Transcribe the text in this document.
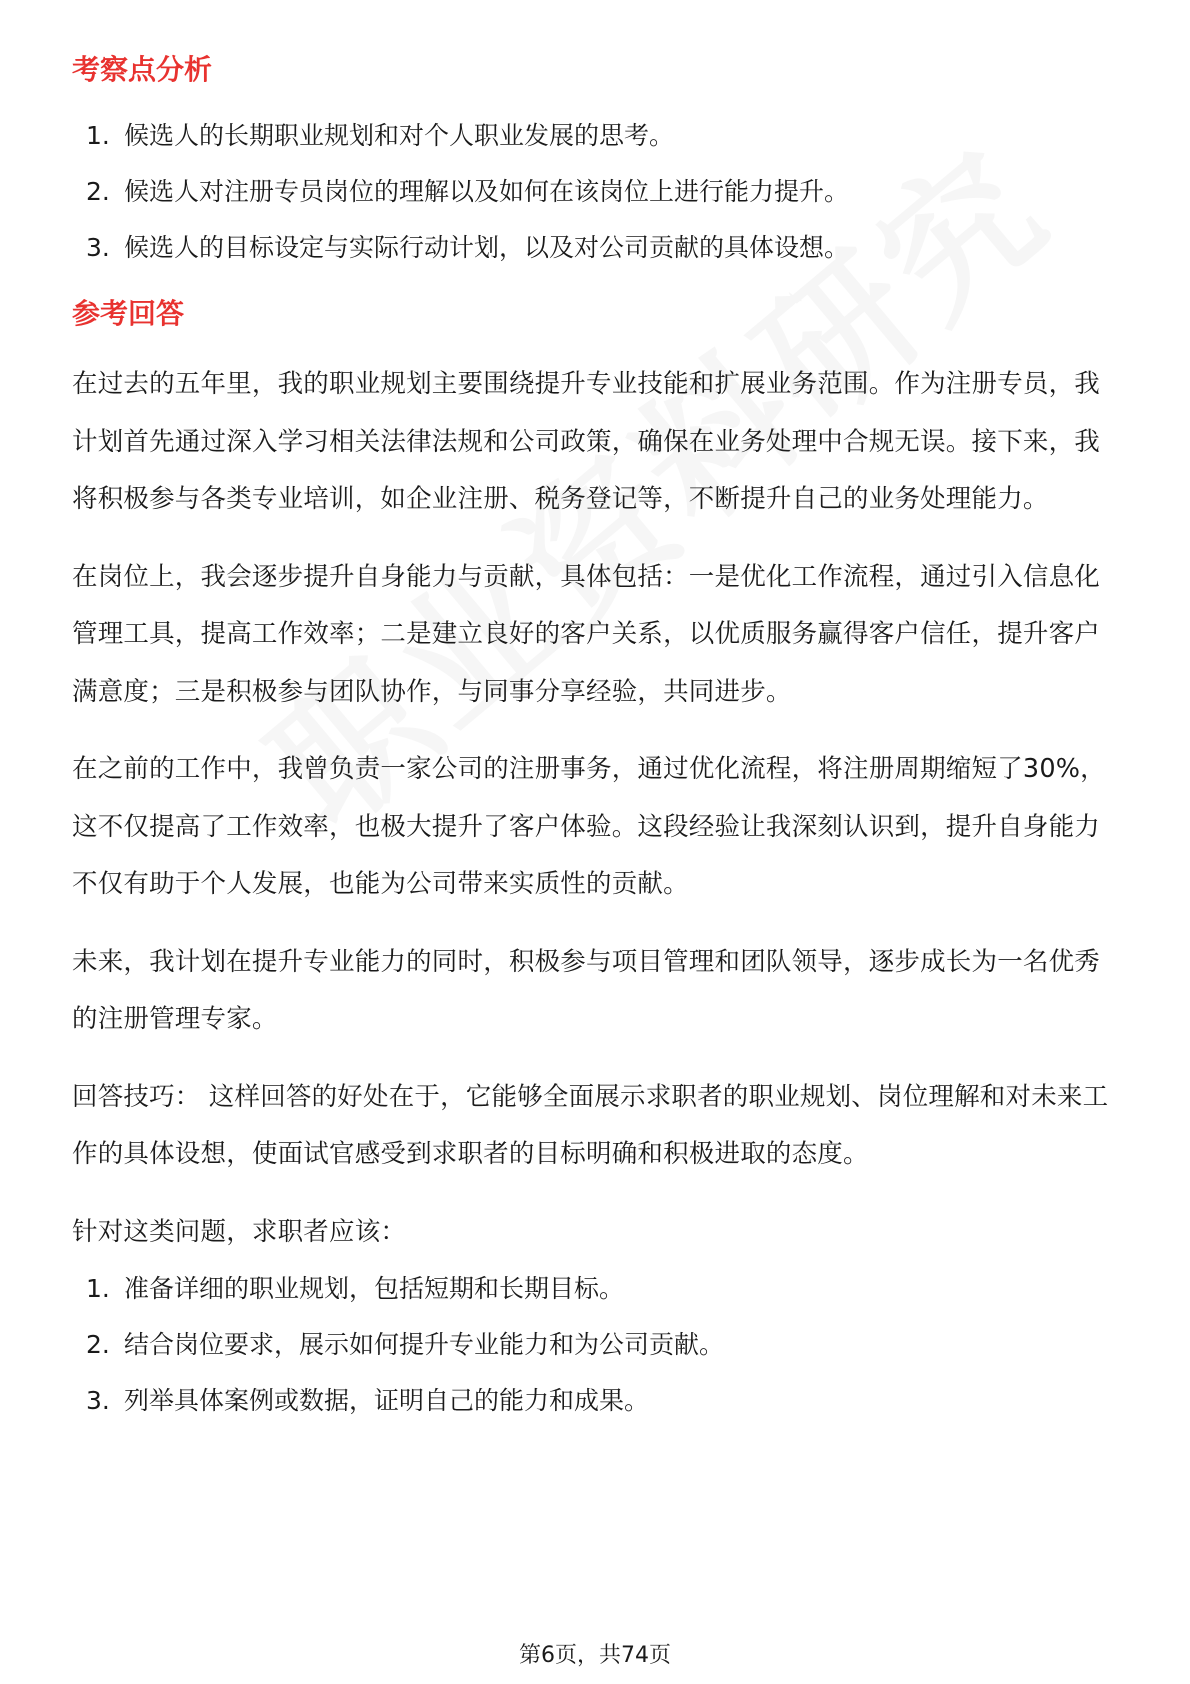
考察点分析
1. 候选人的长期职业规划和对个人职业发展的思考。
2. 候选人对注册专员岗位的理解以及如何在该岗位上进行能力提升。
3. 候选人的目标设定与实际行动计划，以及对公司贡献的具体设想。
参考回答

在过去的五年里，我的职业规划主要围绕提升专业技能和扩展业务范围。作为注册专员，我计划首先通过深入学习相关法律法规和公司政策，确保在业务处理中合规无误。接下来，我将积极参与各类专业培训，如企业注册、税务登记等，不断提升自己的业务处理能力。

在岗位上，我会逐步提升自身能力与贡献，具体包括：一是优化工作流程，通过引入信息化管理工具，提高工作效率；二是建立良好的客户关系，以优质服务赢得客户信任，提升客户满意度；三是积极参与团队协作，与同事分享经验，共同进步。

在之前的工作中，我曾负责一家公司的注册事务，通过优化流程，将注册周期缩短了30%，这不仅提高了工作效率，也极大提升了客户体验。这段经验让我深刻认识到，提升自身能力不仅有助于个人发展，也能为公司带来实质性的贡献。

未来，我计划在提升专业能力的同时，积极参与项目管理和团队领导，逐步成长为一名优秀的注册管理专家。

回答技巧： 这样回答的好处在于，它能够全面展示求职者的职业规划、岗位理解和对未来工作的具体设想，使面试官感受到求职者的目标明确和积极进取的态度。

针对这类问题，求职者应该：

1. 准备详细的职业规划，包括短期和长期目标。
2. 结合岗位要求，展示如何提升专业能力和为公司贡献。
3. 列举具体案例或数据，证明自己的能力和成果。
第6页，共74页
